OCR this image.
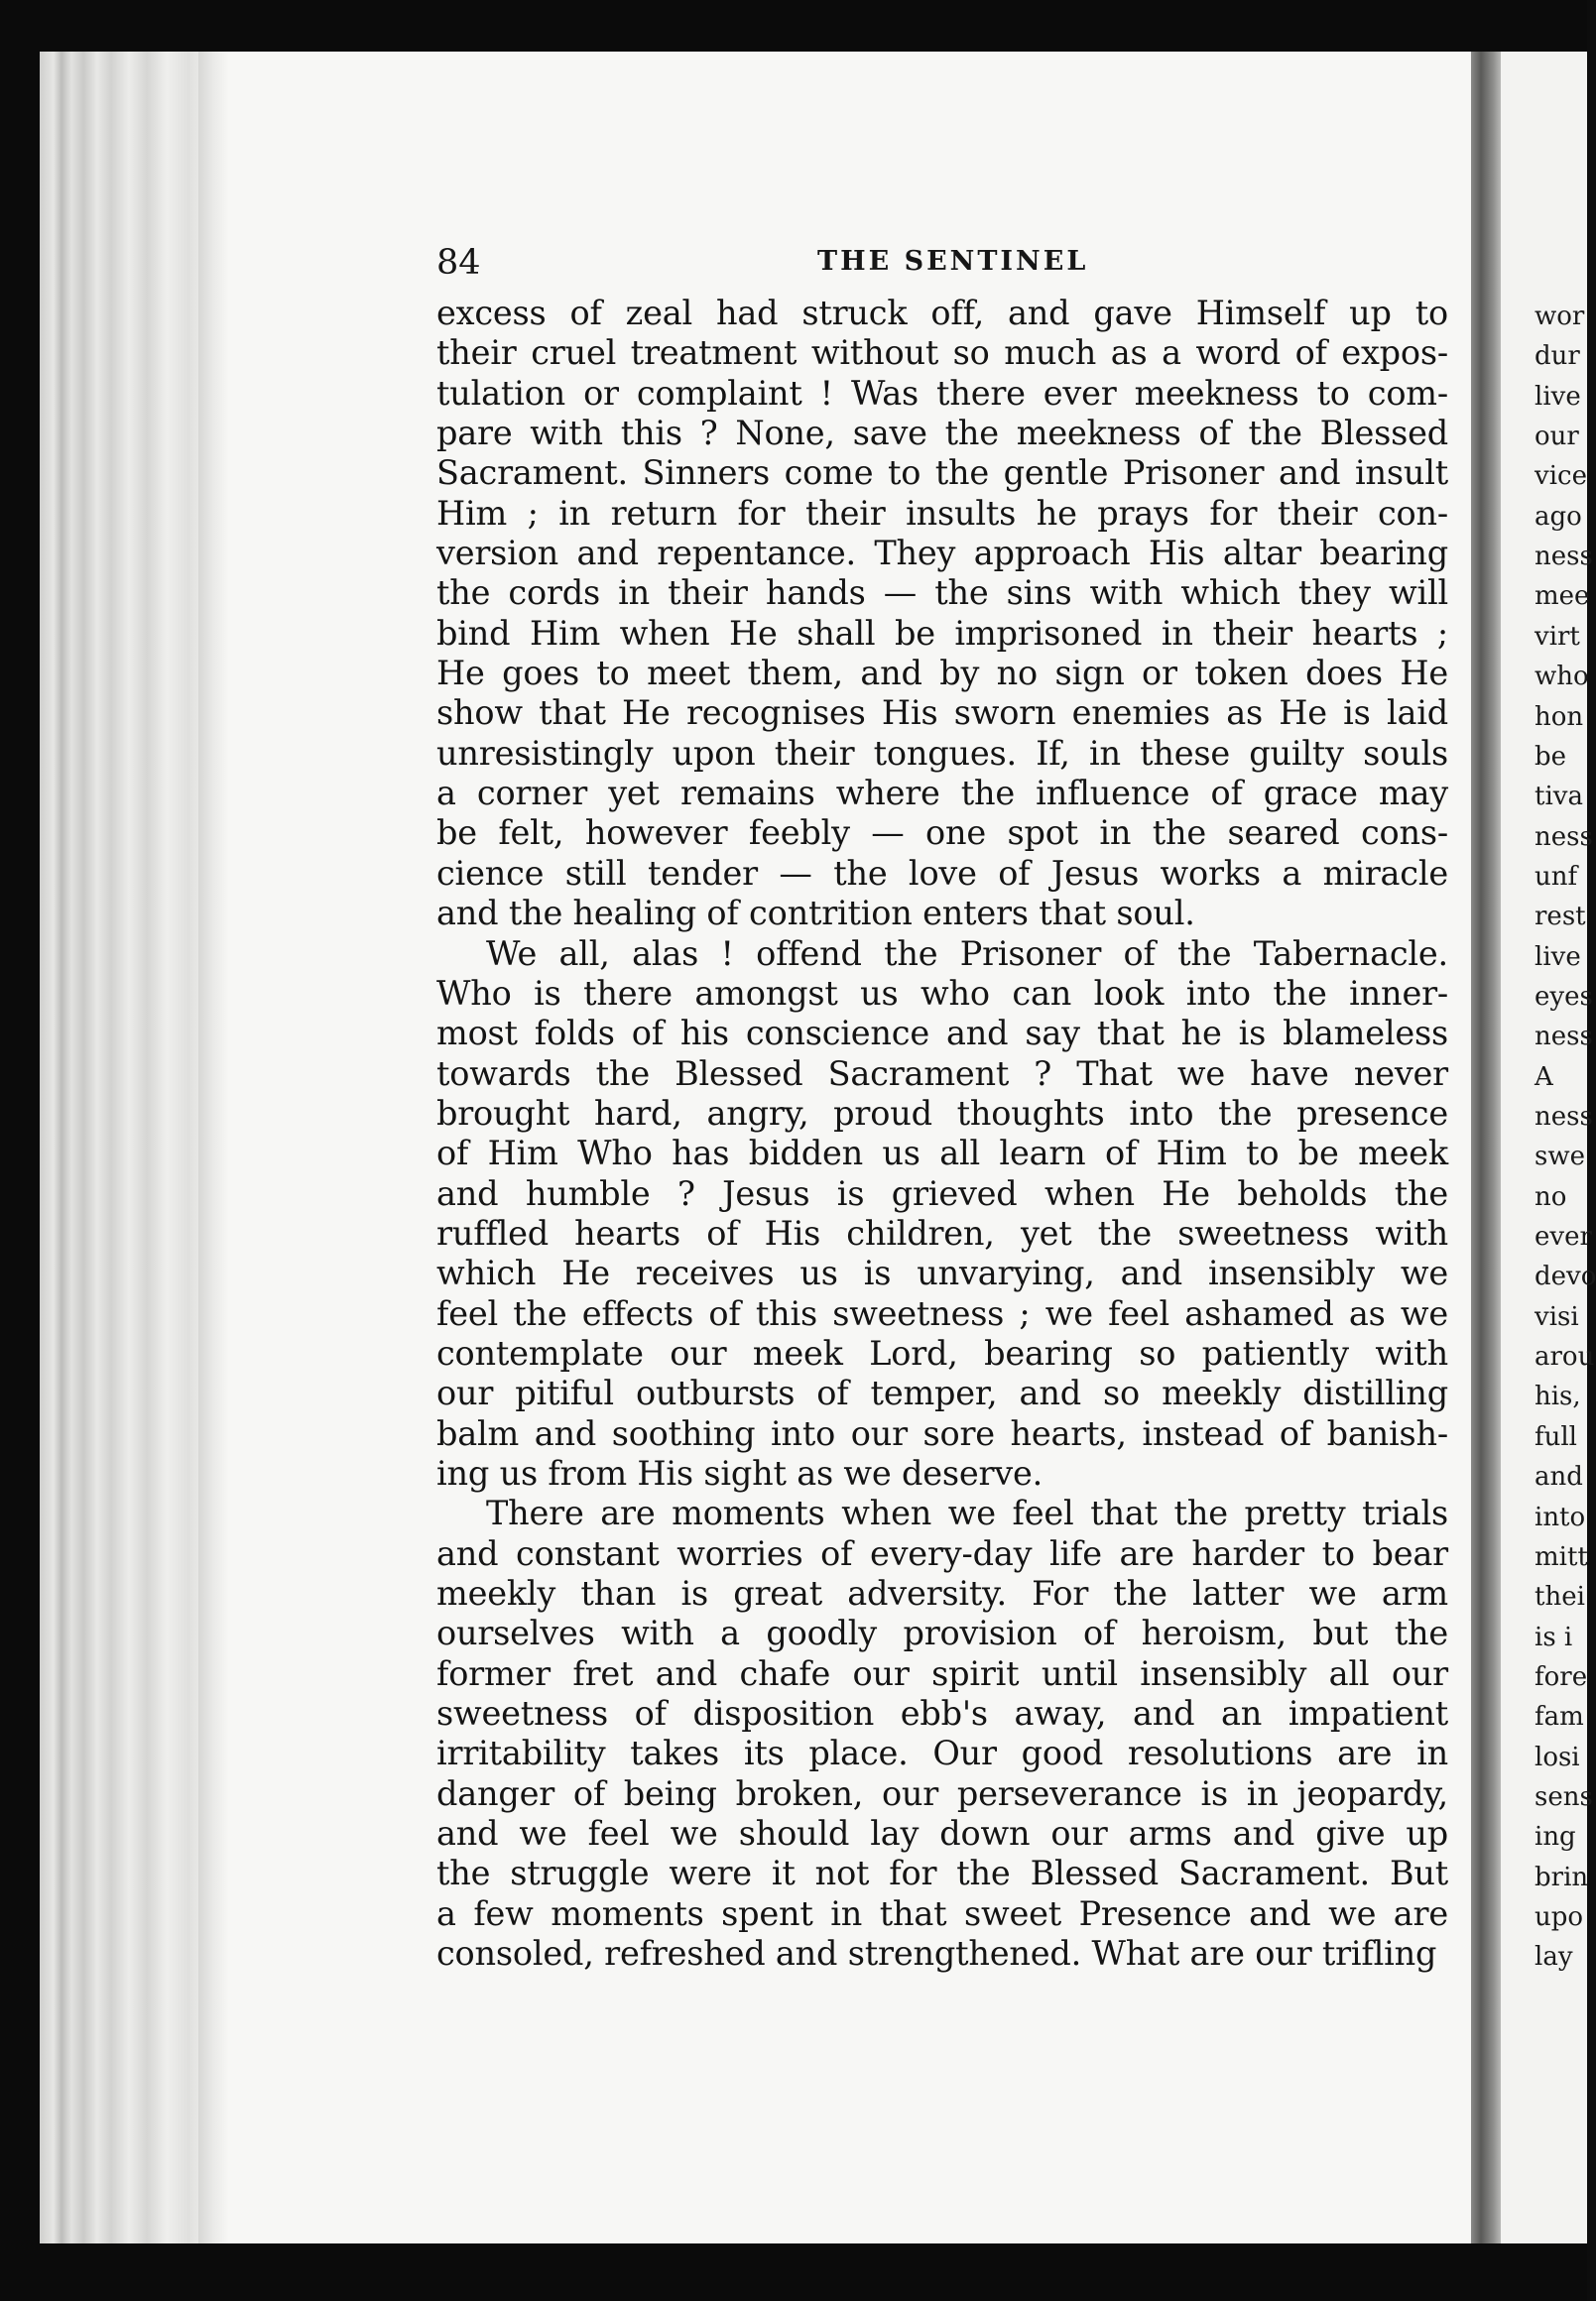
wor
dur
live
our
vice
ago
ness
mee
virt
who
hon
be
tiva
ness
unf
rest
live
eyes
ness
A
ness
swe
no
ever
devo
visi
arou
his,
full
and
into
mitt
thei
is i
fore
fam
losi
sens
ing
brin
upo
lay
84	THE SENTINEL
excess of zeal had struck off, and gave Himself up to
their cruel treatment without so much as a word of expos-
tulation or complaint ! Was there ever meekness to com-
pare with this ? None, save the meekness of the Blessed
Sacrament. Sinners come to the gentle Prisoner and insult
Him ; in return for their insults he prays for their con-
version and repentance. They approach His altar bearing
the cords in their hands — the sins with which they will
bind Him when He shall be imprisoned in their hearts ;
He goes to meet them, and by no sign or token does He
show that He recognises His sworn enemies as He is laid
unresistingly upon their tongues. If, in these guilty souls
a corner yet remains where the influence of grace may
be felt, however feebly — one spot in the seared cons-
cience still tender — the love of Jesus works a miracle
and the healing of contrition enters that soul.
We all, alas ! offend the Prisoner of the Tabernacle.
Who is there amongst us who can look into the inner-
most folds of his conscience and say that he is blameless
towards the Blessed Sacrament ? That we have never
brought hard, angry, proud thoughts into the presence
of Him Who has bidden us all learn of Him to be meek
and humble ? Jesus is grieved when He beholds the
ruffled hearts of His children, yet the sweetness with
which He receives us is unvarying, and insensibly we
feel the effects of this sweetness ; we feel ashamed as we
contemplate our meek Lord, bearing so patiently with
our pitiful outbursts of temper, and so meekly distilling
balm and soothing into our sore hearts, instead of banish-
ing us from His sight as we deserve.
There are moments when we feel that the pretty trials
and constant worries of every-day life are harder to bear
meekly than is great adversity. For the latter we arm
ourselves with a goodly provision of heroism, but the
former fret and chafe our spirit until insensibly all our
sweetness of disposition ebb's away, and an impatient
irritability takes its place. Our good resolutions are in
danger of being broken, our perseverance is in jeopardy,
and we feel we should lay down our arms and give up
the struggle were it not for the Blessed Sacrament. But
a few moments spent in that sweet Presence and we are
consoled, refreshed and strengthened. What are our trifling
